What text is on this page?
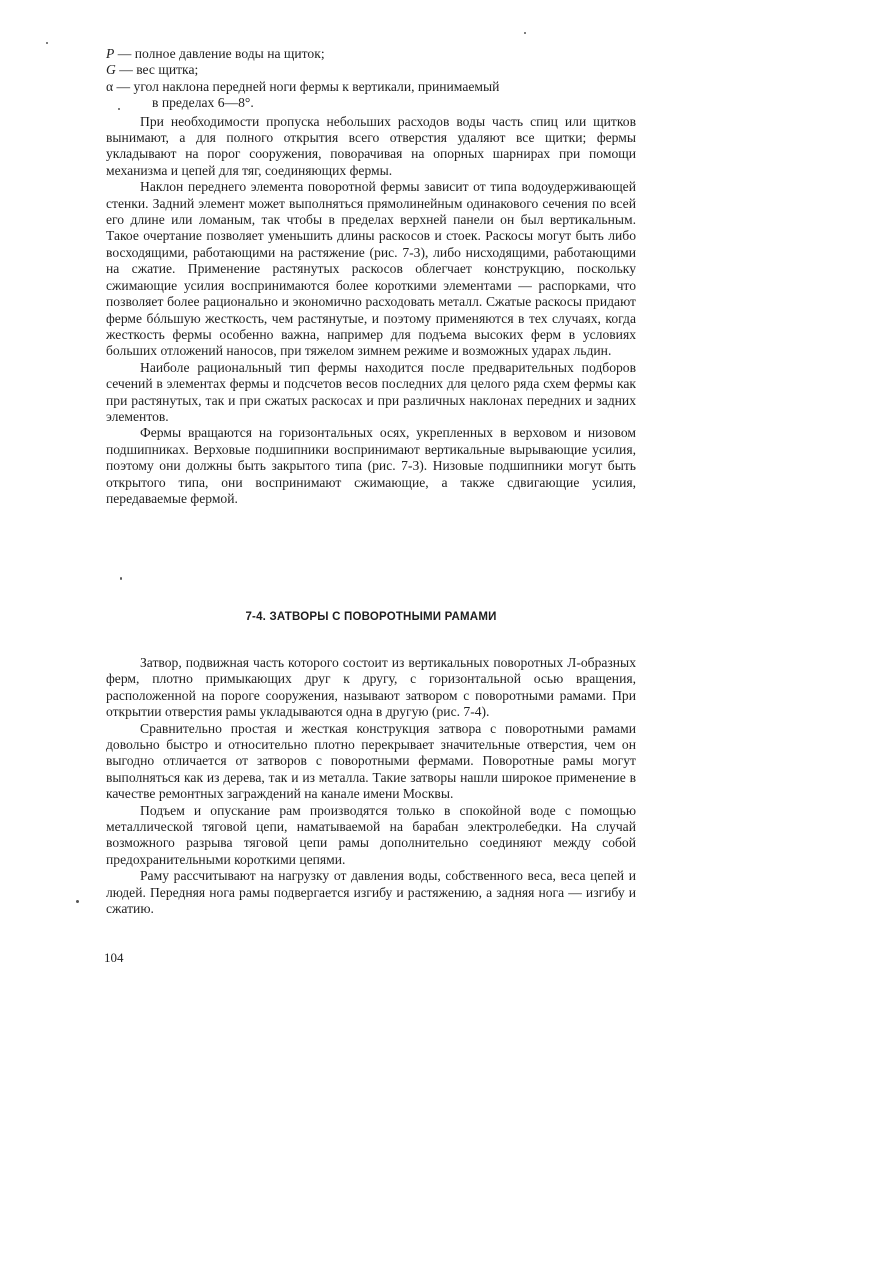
P — полное давление воды на щиток;

G — вес щитка;

α — угол наклона передней ноги фермы к вертикали, принимаемый

в пределах 6—8°.

При необходимости пропуска небольших расходов воды часть спиц или щитков вынимают, а для полного открытия всего отверстия удаляют все щитки; фермы укладывают на порог сооружения, поворачивая на опорных шарнирах при помощи механизма и цепей для тяг, соединяющих фермы.

Наклон переднего элемента поворотной фермы зависит от типа водоудерживающей стенки. Задний элемент может выполняться прямолинейным одинакового сечения по всей его длине или ломаным, так чтобы в пределах верхней панели он был вертикальным. Такое очертание позволяет уменьшить длины раскосов и стоек. Раскосы могут быть либо восходящими, работающими на растяжение (рис. 7-3), либо нисходящими, работающими на сжатие. Применение растянутых раскосов облегчает конструкцию, поскольку сжимающие усилия воспринимаются более короткими элементами — распорками, что позволяет более рационально и экономично расходовать металл. Сжатые раскосы придают ферме бóльшую жесткость, чем растянутые, и поэтому применяются в тех случаях, когда жесткость фермы особенно важна, например для подъема высоких ферм в условиях больших отложений наносов, при тяжелом зимнем режиме и возможных ударах льдин.

Наиболе рациональный тип фермы находится после предварительных подборов сечений в элементах фермы и подсчетов весов последних для целого ряда схем фермы как при растянутых, так и при сжатых раскосах и при различных наклонах передних и задних элементов.

Фермы вращаются на горизонтальных осях, укрепленных в верховом и низовом подшипниках. Верховые подшипники воспринимают вертикальные вырывающие усилия, поэтому они должны быть закрытого типа (рис. 7-3). Низовые подшипники могут быть открытого типа, они воспринимают сжимающие, а также сдвигающие усилия, передаваемые фермой.

7-4. ЗАТВОРЫ С ПОВОРОТНЫМИ РАМАМИ

Затвор, подвижная часть которого состоит из вертикальных поворотных Л-образных ферм, плотно примыкающих друг к другу, с горизонтальной осью вращения, расположенной на пороге сооружения, называют затвором с поворотными рамами. При открытии отверстия рамы укладываются одна в другую (рис. 7-4).

Сравнительно простая и жесткая конструкция затвора с поворотными рамами довольно быстро и относительно плотно перекрывает значительные отверстия, чем он выгодно отличается от затворов с поворотными фермами. Поворотные рамы могут выполняться как из дерева, так и из металла. Такие затворы нашли широкое применение в качестве ремонтных заграждений на канале имени Москвы.

Подъем и опускание рам производятся только в спокойной воде с помощью металлической тяговой цепи, наматываемой на барабан электролебедки. На случай возможного разрыва тяговой цепи рамы дополнительно соединяют между собой предохранительными короткими цепями.

Раму рассчитывают на нагрузку от давления воды, собственного веса, веса цепей и людей. Передняя нога рамы подвергается изгибу и растяжению, а задняя нога — изгибу и сжатию.

104
